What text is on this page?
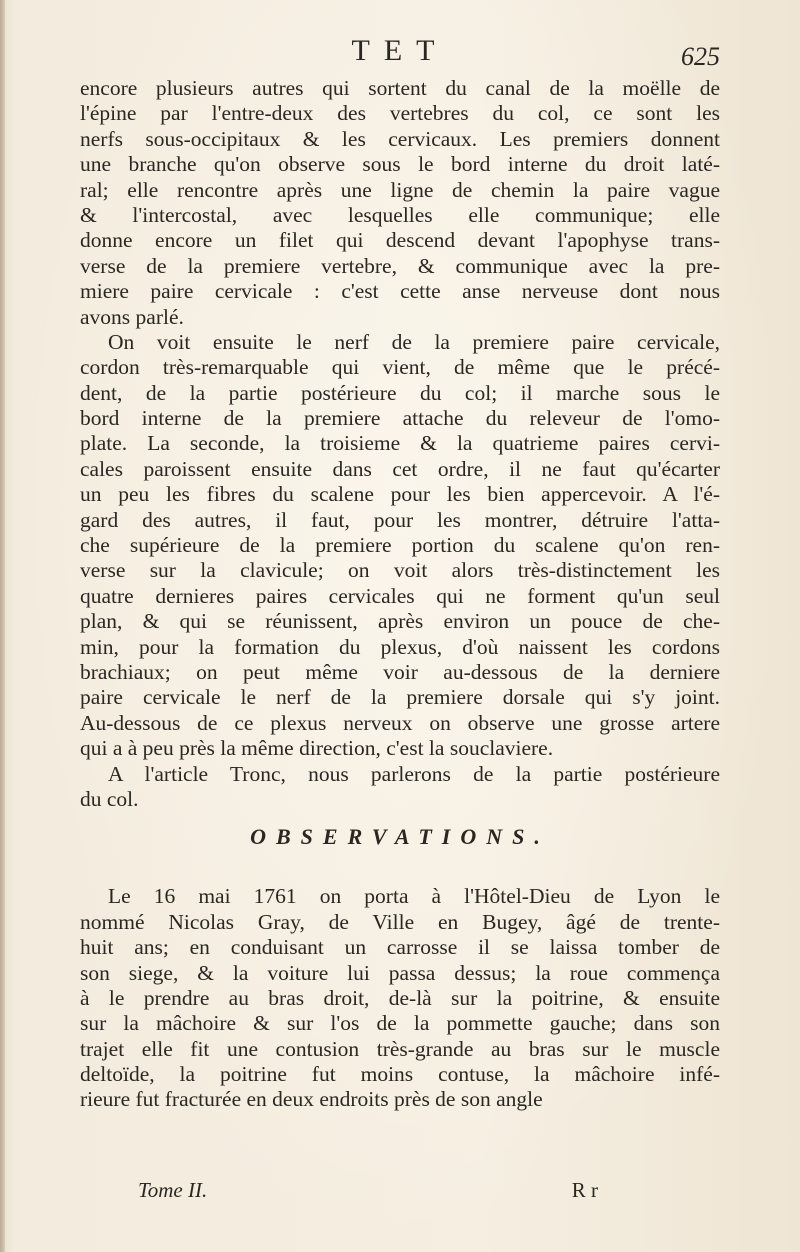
TET	625
encore plusieurs autres qui sortent du canal de la moëlle de
l'épine par l'entre-deux des vertebres du col, ce sont les
nerfs sous-occipitaux & les cervicaux. Les premiers donnent
une branche qu'on observe sous le bord interne du droit laté-
ral; elle rencontre après une ligne de chemin la paire vague
& l'intercostal, avec lesquelles elle communique; elle
donne encore un filet qui descend devant l'apophyse trans-
verse de la premiere vertebre, & communique avec la pre-
miere paire cervicale : c'est cette anse nerveuse dont nous
avons parlé.
On voit ensuite le nerf de la premiere paire cervicale,
cordon très-remarquable qui vient, de même que le précé-
dent, de la partie postérieure du col; il marche sous le
bord interne de la premiere attache du releveur de l'omo-
plate. La seconde, la troisieme & la quatrieme paires cervi-
cales paroissent ensuite dans cet ordre, il ne faut qu'écarter
un peu les fibres du scalene pour les bien appercevoir. A l'é-
gard des autres, il faut, pour les montrer, détruire l'atta-
che supérieure de la premiere portion du scalene qu'on ren-
verse sur la clavicule; on voit alors très-distinctement les
quatre dernieres paires cervicales qui ne forment qu'un seul
plan, & qui se réunissent, après environ un pouce de che-
min, pour la formation du plexus, d'où naissent les cordons
brachiaux; on peut même voir au-dessous de la derniere
paire cervicale le nerf de la premiere dorsale qui s'y joint.
Au-dessous de ce plexus nerveux on observe une grosse artere
qui a à peu près la même direction, c'est la souclaviere.
A l'article Tronc, nous parlerons de la partie postérieure
du col.
OBSERVATIONS.
Le 16 mai 1761 on porta à l'Hôtel-Dieu de Lyon le
nommé Nicolas Gray, de Ville en Bugey, âgé de trente-
huit ans; en conduisant un carrosse il se laissa tomber de
son siege, & la voiture lui passa dessus; la roue commença
à le prendre au bras droit, de-là sur la poitrine, & ensuite
sur la mâchoire & sur l'os de la pommette gauche; dans son
trajet elle fit une contusion très-grande au bras sur le muscle
deltoïde, la poitrine fut moins contuse, la mâchoire infé-
rieure fut fracturée en deux endroits près de son angle
Tome II.	R r
